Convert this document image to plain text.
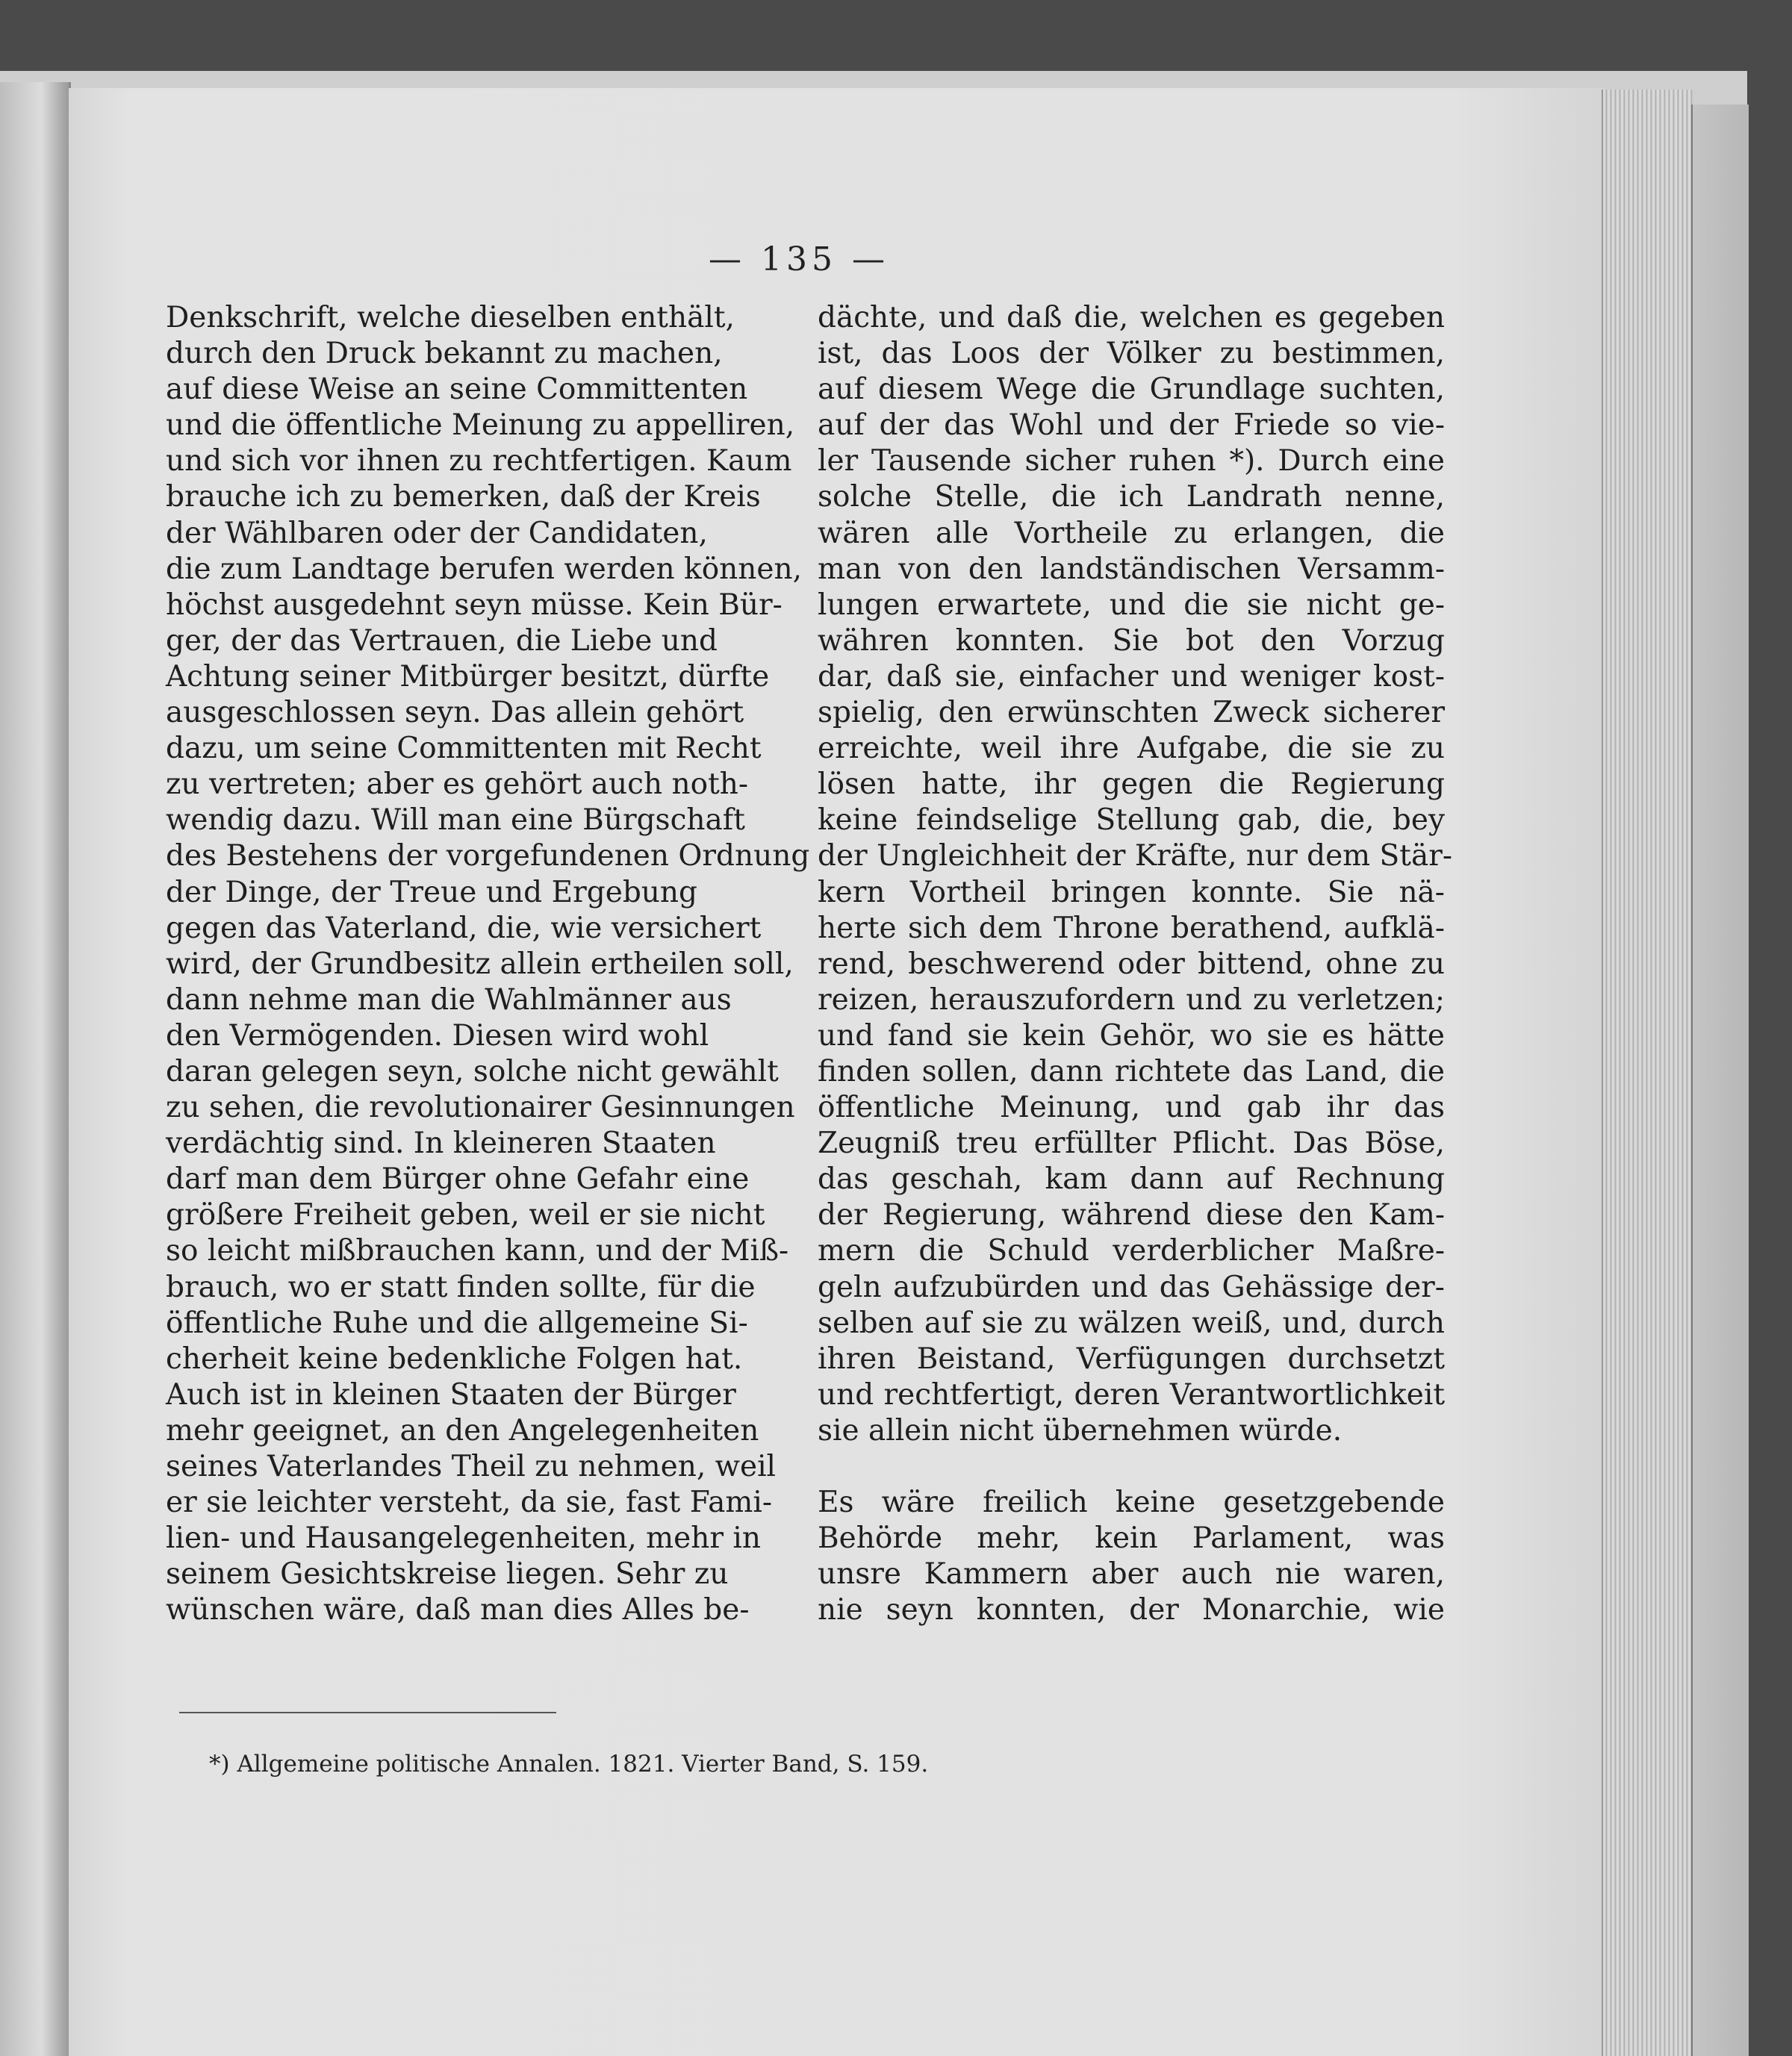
— 135 —
Denkschrift, welche dieselben enthält,
durch den Druck bekannt zu machen,
auf diese Weise an seine Committenten
und die öffentliche Meinung zu appelliren,
und sich vor ihnen zu rechtfertigen. Kaum
brauche ich zu bemerken, daß der Kreis
der Wählbaren oder der Candidaten,
die zum Landtage berufen werden können,
höchst ausgedehnt seyn müsse. Kein Bür-
ger, der das Vertrauen, die Liebe und
Achtung seiner Mitbürger besitzt, dürfte
ausgeschlossen seyn. Das allein gehört
dazu, um seine Committenten mit Recht
zu vertreten; aber es gehört auch noth-
wendig dazu. Will man eine Bürgschaft
des Bestehens der vorgefundenen Ordnung
der Dinge, der Treue und Ergebung
gegen das Vaterland, die, wie versichert
wird, der Grundbesitz allein ertheilen soll,
dann nehme man die Wahlmänner aus
den Vermögenden. Diesen wird wohl
daran gelegen seyn, solche nicht gewählt
zu sehen, die revolutionairer Gesinnungen
verdächtig sind. In kleineren Staaten
darf man dem Bürger ohne Gefahr eine
größere Freiheit geben, weil er sie nicht
so leicht mißbrauchen kann, und der Miß-
brauch, wo er statt finden sollte, für die
öffentliche Ruhe und die allgemeine Si-
cherheit keine bedenkliche Folgen hat.
Auch ist in kleinen Staaten der Bürger
mehr geeignet, an den Angelegenheiten
seines Vaterlandes Theil zu nehmen, weil
er sie leichter versteht, da sie, fast Fami-
lien- und Hausangelegenheiten, mehr in
seinem Gesichtskreise liegen. Sehr zu
wünschen wäre, daß man dies Alles be-
dächte, und daß die, welchen es gegeben
ist, das Loos der Völker zu bestimmen,
auf diesem Wege die Grundlage suchten,
auf der das Wohl und der Friede so vie-
ler Tausende sicher ruhen *). Durch eine
solche Stelle, die ich Landrath nenne,
wären alle Vortheile zu erlangen, die
man von den landständischen Versamm-
lungen erwartete, und die sie nicht ge-
währen konnten. Sie bot den Vorzug
dar, daß sie, einfacher und weniger kost-
spielig, den erwünschten Zweck sicherer
erreichte, weil ihre Aufgabe, die sie zu
lösen hatte, ihr gegen die Regierung
keine feindselige Stellung gab, die, bey
der Ungleichheit der Kräfte, nur dem Stär-
kern Vortheil bringen konnte. Sie nä-
herte sich dem Throne berathend, aufklä-
rend, beschwerend oder bittend, ohne zu
reizen, herauszufordern und zu verletzen;
und fand sie kein Gehör, wo sie es hätte
finden sollen, dann richtete das Land, die
öffentliche Meinung, und gab ihr das
Zeugniß treu erfüllter Pflicht. Das Böse,
das geschah, kam dann auf Rechnung
der Regierung, während diese den Kam-
mern die Schuld verderblicher Maßre-
geln aufzubürden und das Gehässige der-
selben auf sie zu wälzen weiß, und, durch
ihren Beistand, Verfügungen durchsetzt
und rechtfertigt, deren Verantwortlichkeit
sie allein nicht übernehmen würde.
Es wäre freilich keine gesetzgebende
Behörde mehr, kein Parlament, was
unsre Kammern aber auch nie waren,
nie seyn konnten, der Monarchie, wie
*) Allgemeine politische Annalen. 1821. Vierter Band, S. 159.
